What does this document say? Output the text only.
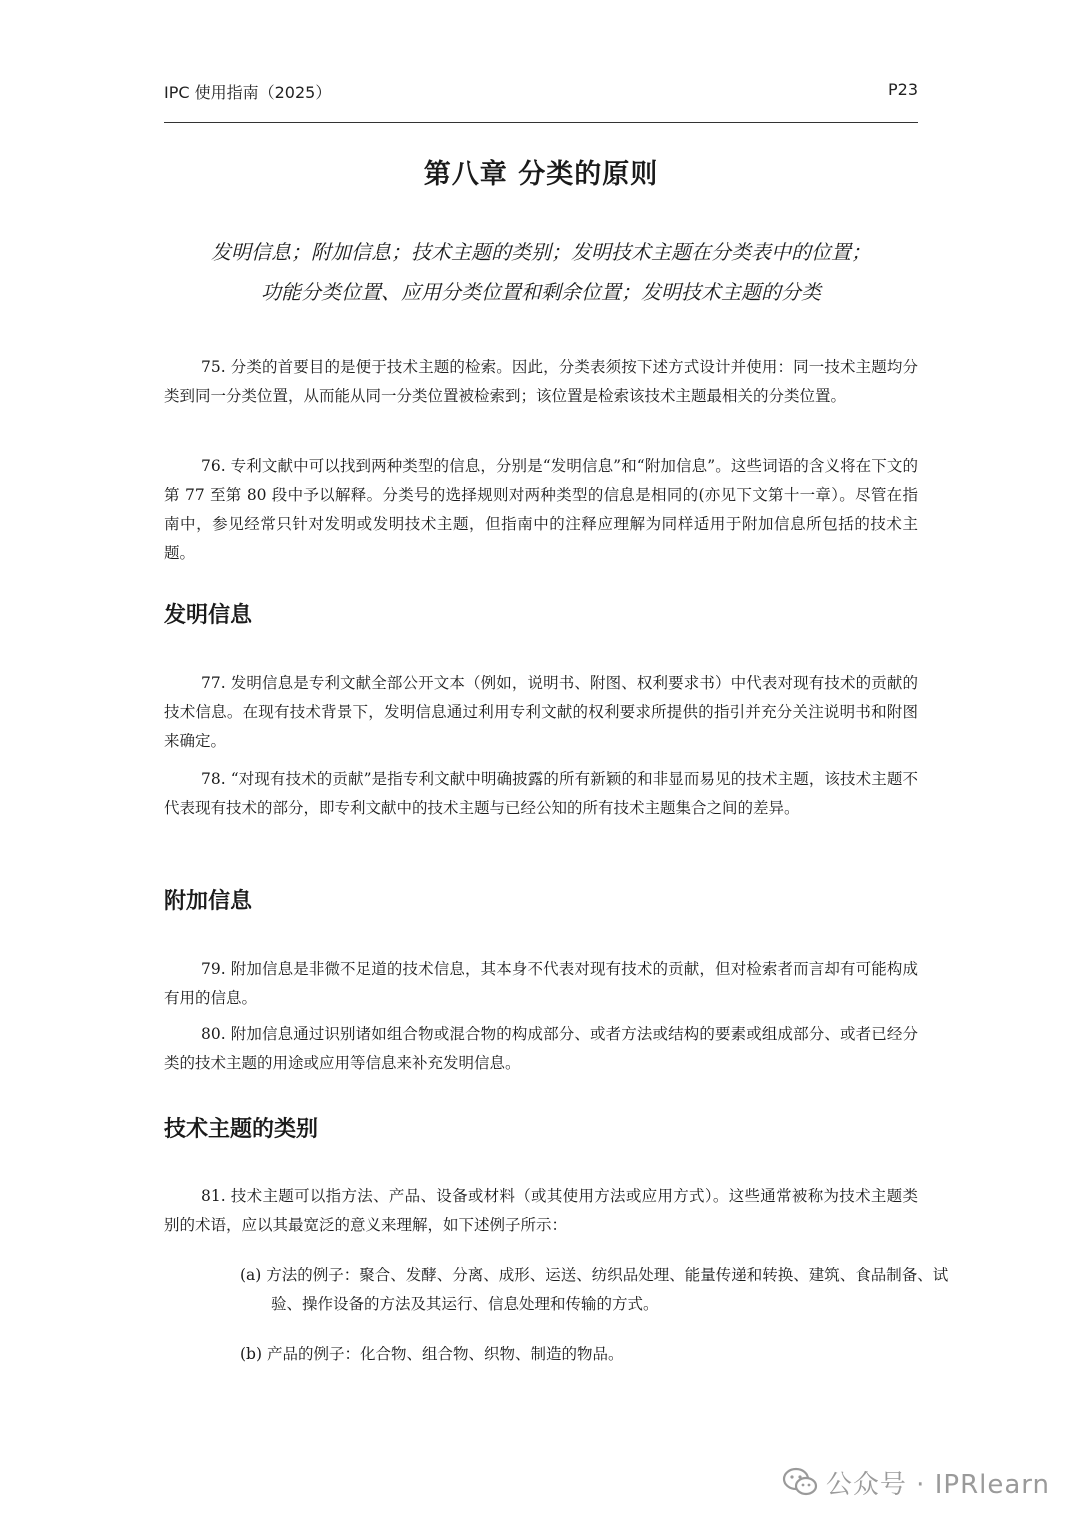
IPC 使用指南（2025）	P23
第八章 分类的原则
发明信息；附加信息；技术主题的类别；发明技术主题在分类表中的位置；
功能分类位置、应用分类位置和剩余位置；发明技术主题的分类

75. 分类的首要目的是便于技术主题的检索。因此，分类表须按下述方式设计并使用：同一技术主题均分类到同一分类位置，从而能从同一分类位置被检索到；该位置是检索该技术主题最相关的分类位置。

76. 专利文献中可以找到两种类型的信息，分别是“发明信息”和“附加信息”。这些词语的含义将在下文的第 77 至第 80 段中予以解释。分类号的选择规则对两种类型的信息是相同的(亦见下文第十一章）。尽管在指南中，参见经常只针对发明或发明技术主题，但指南中的注释应理解为同样适用于附加信息所包括的技术主题。

发明信息

77. 发明信息是专利文献全部公开文本（例如，说明书、附图、权利要求书）中代表对现有技术的贡献的技术信息。在现有技术背景下，发明信息通过利用专利文献的权利要求所提供的指引并充分关注说明书和附图来确定。

78. “对现有技术的贡献”是指专利文献中明确披露的所有新颖的和非显而易见的技术主题，该技术主题不代表现有技术的部分，即专利文献中的技术主题与已经公知的所有技术主题集合之间的差异。

附加信息

79. 附加信息是非微不足道的技术信息，其本身不代表对现有技术的贡献，但对检索者而言却有可能构成有用的信息。

80. 附加信息通过识别诸如组合物或混合物的构成部分、或者方法或结构的要素或组成部分、或者已经分类的技术主题的用途或应用等信息来补充发明信息。

技术主题的类别

81. 技术主题可以指方法、产品、设备或材料（或其使用方法或应用方式）。这些通常被称为技术主题类别的术语，应以其最宽泛的意义来理解，如下述例子所示：

(a) 方法的例子：聚合、发酵、分离、成形、运送、纺织品处理、能量传递和转换、建筑、食品制备、试验、操作设备的方法及其运行、信息处理和传输的方式。

(b) 产品的例子：化合物、组合物、织物、制造的物品。

公众号 · IPRlearn
